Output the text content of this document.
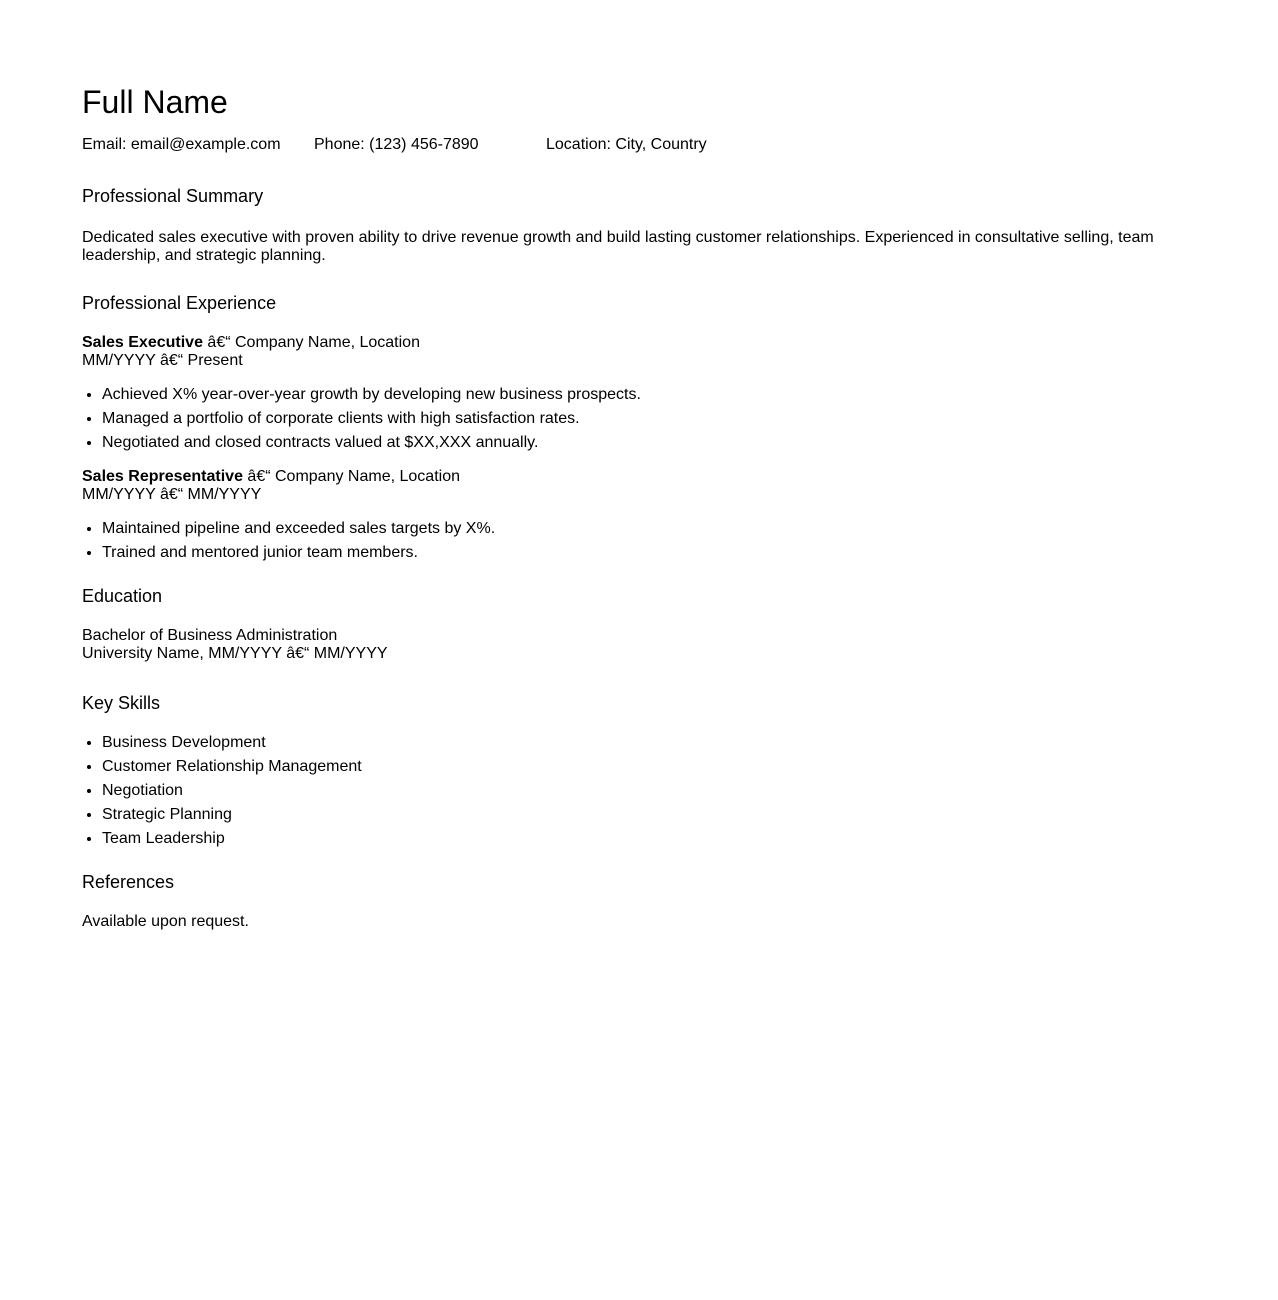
Full Name
Email: email@example.com	Phone: (123) 456-7890	Location: City, Country
Professional Summary

Dedicated sales executive with proven ability to drive revenue growth and build lasting customer relationships. Experienced in consultative selling, team leadership, and strategic planning.

Professional Experience

Sales Executive â€“ Company Name, Location

MM/YYYY â€“ Present

• Achieved X% year-over-year growth by developing new business prospects.
• Managed a portfolio of corporate clients with high satisfaction rates.
• Negotiated and closed contracts valued at $XX,XXX annually.

Sales Representative â€“ Company Name, Location

MM/YYYY â€“ MM/YYYY

• Maintained pipeline and exceeded sales targets by X%.
• Trained and mentored junior team members.
Education

Bachelor of Business Administration

University Name, MM/YYYY â€“ MM/YYYY

Key Skills
• Business Development
• Customer Relationship Management
• Negotiation
• Strategic Planning
• Team Leadership
References

Available upon request.
